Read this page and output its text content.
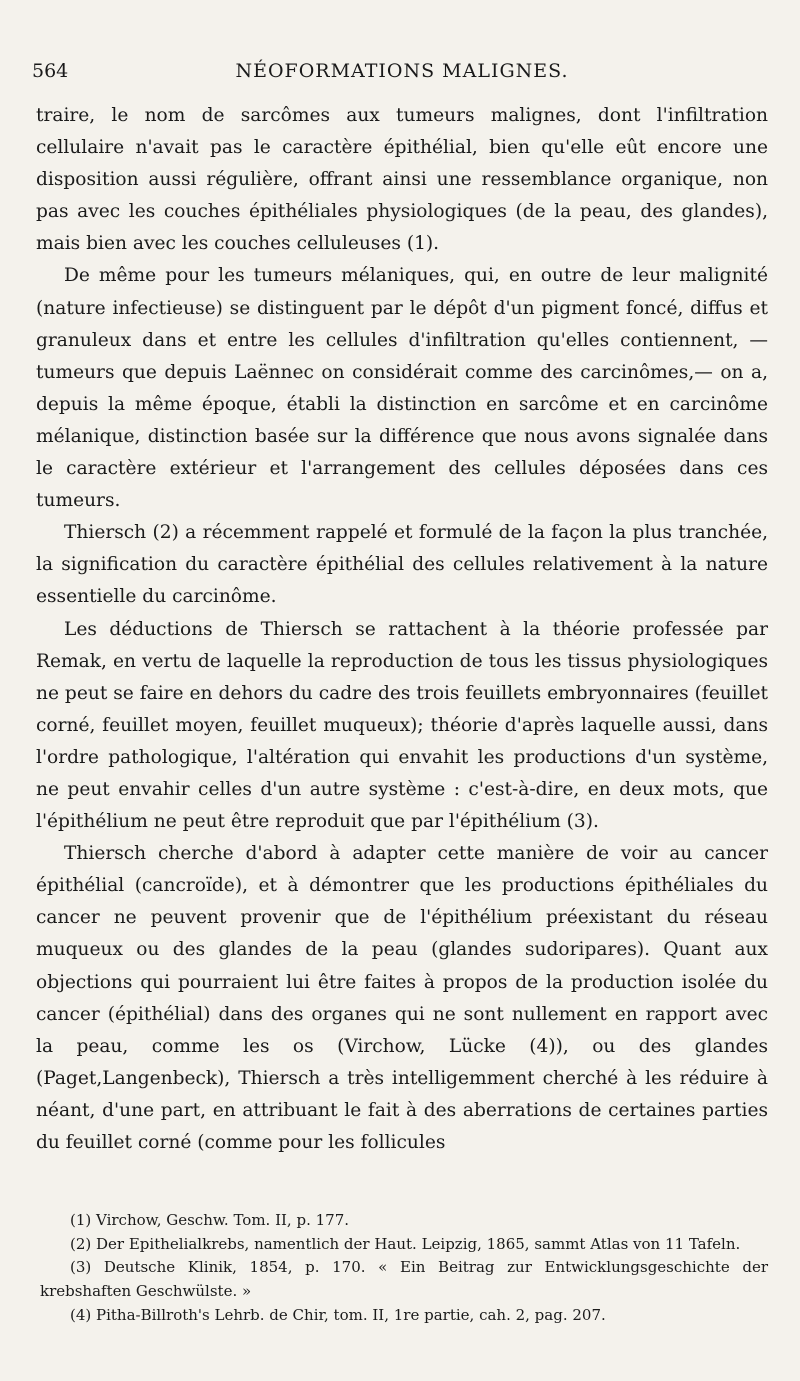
564	NÉOFORMATIONS MALIGNES.

traire, le nom de sarcômes aux tumeurs malignes, dont l'infiltration cellulaire n'avait pas le caractère épithélial, bien qu'elle eût encore une disposition aussi régulière, offrant ainsi une ressemblance organique, non pas avec les couches épithéliales physiologiques (de la peau, des glandes), mais bien avec les couches celluleuses (1).

De même pour les tumeurs mélaniques, qui, en outre de leur malignité (nature infectieuse) se distinguent par le dépôt d'un pigment foncé, diffus et granuleux dans et entre les cellules d'infiltration qu'elles contiennent, —tumeurs que depuis Laënnec on considérait comme des carcinômes,— on a, depuis la même époque, établi la distinction en sarcôme et en carcinôme mélanique, distinction basée sur la différence que nous avons signalée dans le caractère extérieur et l'arrangement des cellules déposées dans ces tumeurs.

Thiersch (2) a récemment rappelé et formulé de la façon la plus tranchée, la signification du caractère épithélial des cellules relativement à la nature essentielle du carcinôme.

Les déductions de Thiersch se rattachent à la théorie professée par Remak, en vertu de laquelle la reproduction de tous les tissus physiologiques ne peut se faire en dehors du cadre des trois feuillets embryonnaires (feuillet corné, feuillet moyen, feuillet muqueux); théorie d'après laquelle aussi, dans l'ordre pathologique, l'altération qui envahit les productions d'un système, ne peut envahir celles d'un autre système : c'est-à-dire, en deux mots, que l'épithélium ne peut être reproduit que par l'épithélium (3).

Thiersch cherche d'abord à adapter cette manière de voir au cancer épithélial (cancroïde), et à démontrer que les productions épithéliales du cancer ne peuvent provenir que de l'épithélium préexistant du réseau muqueux ou des glandes de la peau (glandes sudoripares). Quant aux objections qui pourraient lui être faites à propos de la production isolée du cancer (épithélial) dans des organes qui ne sont nullement en rapport avec la peau, comme les os (Virchow, Lücke (4)), ou des glandes (Paget,Langenbeck), Thiersch a très intelligemment cherché à les réduire à néant, d'une part, en attribuant le fait à des aberrations de certaines parties du feuillet corné (comme pour les follicules

(1) Virchow, Geschw. Tom. II, p. 177.

(2) Der Epithelialkrebs, namentlich der Haut. Leipzig, 1865, sammt Atlas von 11 Tafeln.

(3) Deutsche Klinik, 1854, p. 170. « Ein Beitrag zur Entwicklungsgeschichte der krebshaften Geschwülste. »

(4) Pitha-Billroth's Lehrb. de Chir, tom. II, 1re partie, cah. 2, pag. 207.
